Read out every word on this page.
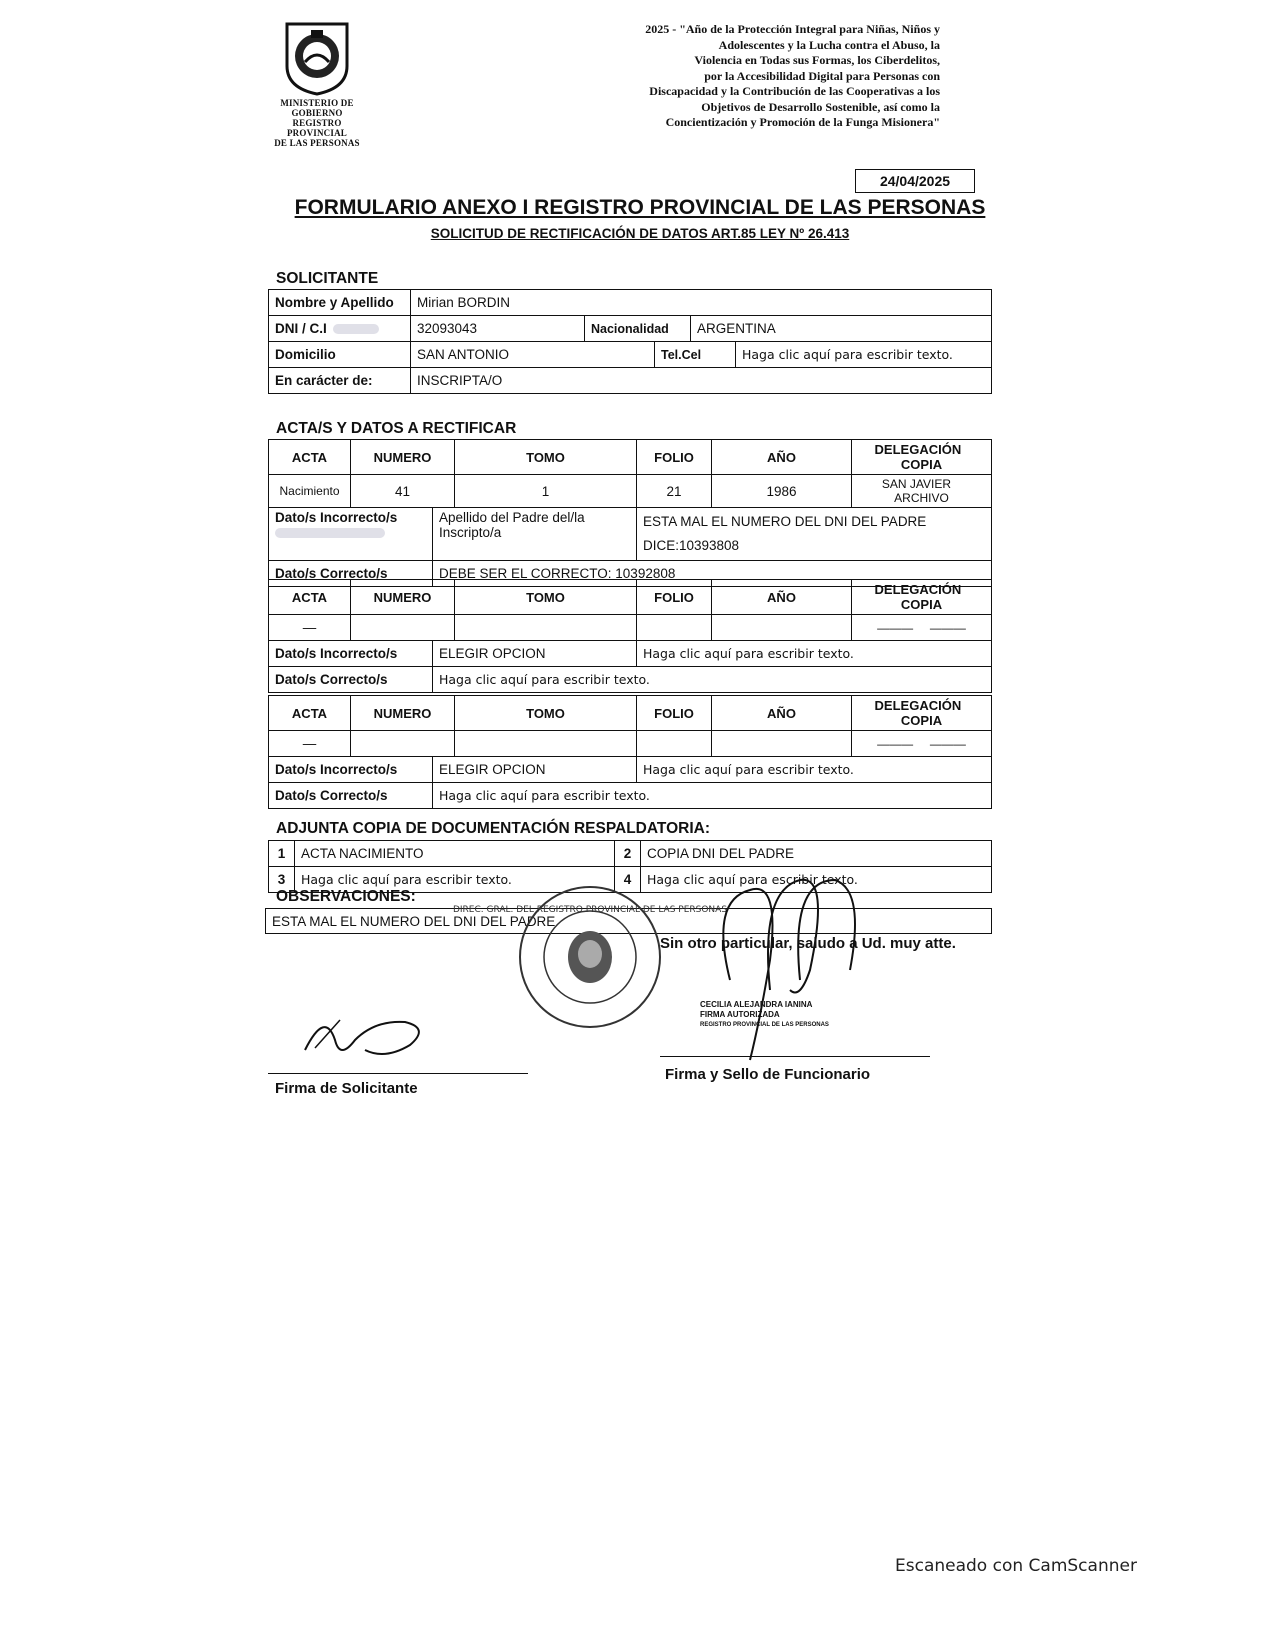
MINISTERIO DE GOBIERNO
REGISTRO PROVINCIAL
DE LAS PERSONAS
2025 - "Año de la Protección Integral para Niñas, Niños y
Adolescentes y la Lucha contra el Abuso, la
Violencia en Todas sus Formas, los Ciberdelitos,
por la Accesibilidad Digital para Personas con
Discapacidad y la Contribución de las Cooperativas a los
Objetivos de Desarrollo Sostenible, así como la
Concientización y Promoción de la Funga Misionera"
24/04/2025
FORMULARIO ANEXO I REGISTRO PROVINCIAL DE LAS PERSONAS
SOLICITUD DE RECTIFICACIÓN DE DATOS ART.85 LEY Nº 26.413
SOLICITANTE
Nombre y Apellido	Mirian BORDIN				
DNI / C.I	32093043	Nacionalidad		ARGENTINA	
Domicilio	SAN ANTONIO		Tel.Cel		Haga clic aquí para escribir texto.
En carácter de:	INSCRIPTA/O				
ACTA/S Y DATOS A RECTIFICAR
ACTA	NUMERO		TOMO	FOLIO	AÑO	DELEGACIÓN   COPIA
Nacimiento	41		1	21	1986	SAN JAVIER    ARCHIVO
Dato/s Incorrecto/s		Apellido del Padre del/la Inscripto/a		ESTA MAL EL NUMERO DEL DNI DEL PADRE DICE:10393808		
Dato/s Correcto/s		DEBE SER EL CORRECTO: 10392808				
ACTA	NUMERO		TOMO	FOLIO	AÑO	DELEGACIÓN   COPIA
—						——— ———
Dato/s Incorrecto/s		ELEGIR OPCION		Haga clic aquí para escribir texto.		
Dato/s Correcto/s		Haga clic aquí para escribir texto.				
ACTA	NUMERO		TOMO	FOLIO	AÑO	DELEGACIÓN   COPIA
—						——— ———
Dato/s Incorrecto/s		ELEGIR OPCION		Haga clic aquí para escribir texto.		
Dato/s Correcto/s		Haga clic aquí para escribir texto.				
ADJUNTA COPIA DE DOCUMENTACIÓN RESPALDATORIA:
1	ACTA NACIMIENTO	2	COPIA DNI DEL PADRE
3	Haga clic aquí para escribir texto.	4	Haga clic aquí para escribir texto.
OBSERVACIONES:
ESTA MAL EL NUMERO DEL DNI DEL PADRE
Sin otro particular, saludo a Ud. muy atte.
DIREC. GRAL. DEL REGISTRO PROVINCIAL DE LAS PERSONAS
CECILIA ALEJANDRA IANINA
FIRMA AUTORIZADA
REGISTRO PROVINCIAL DE LAS PERSONAS
Firma de Solicitante
Firma y Sello de Funcionario
Escaneado con CamScanner
